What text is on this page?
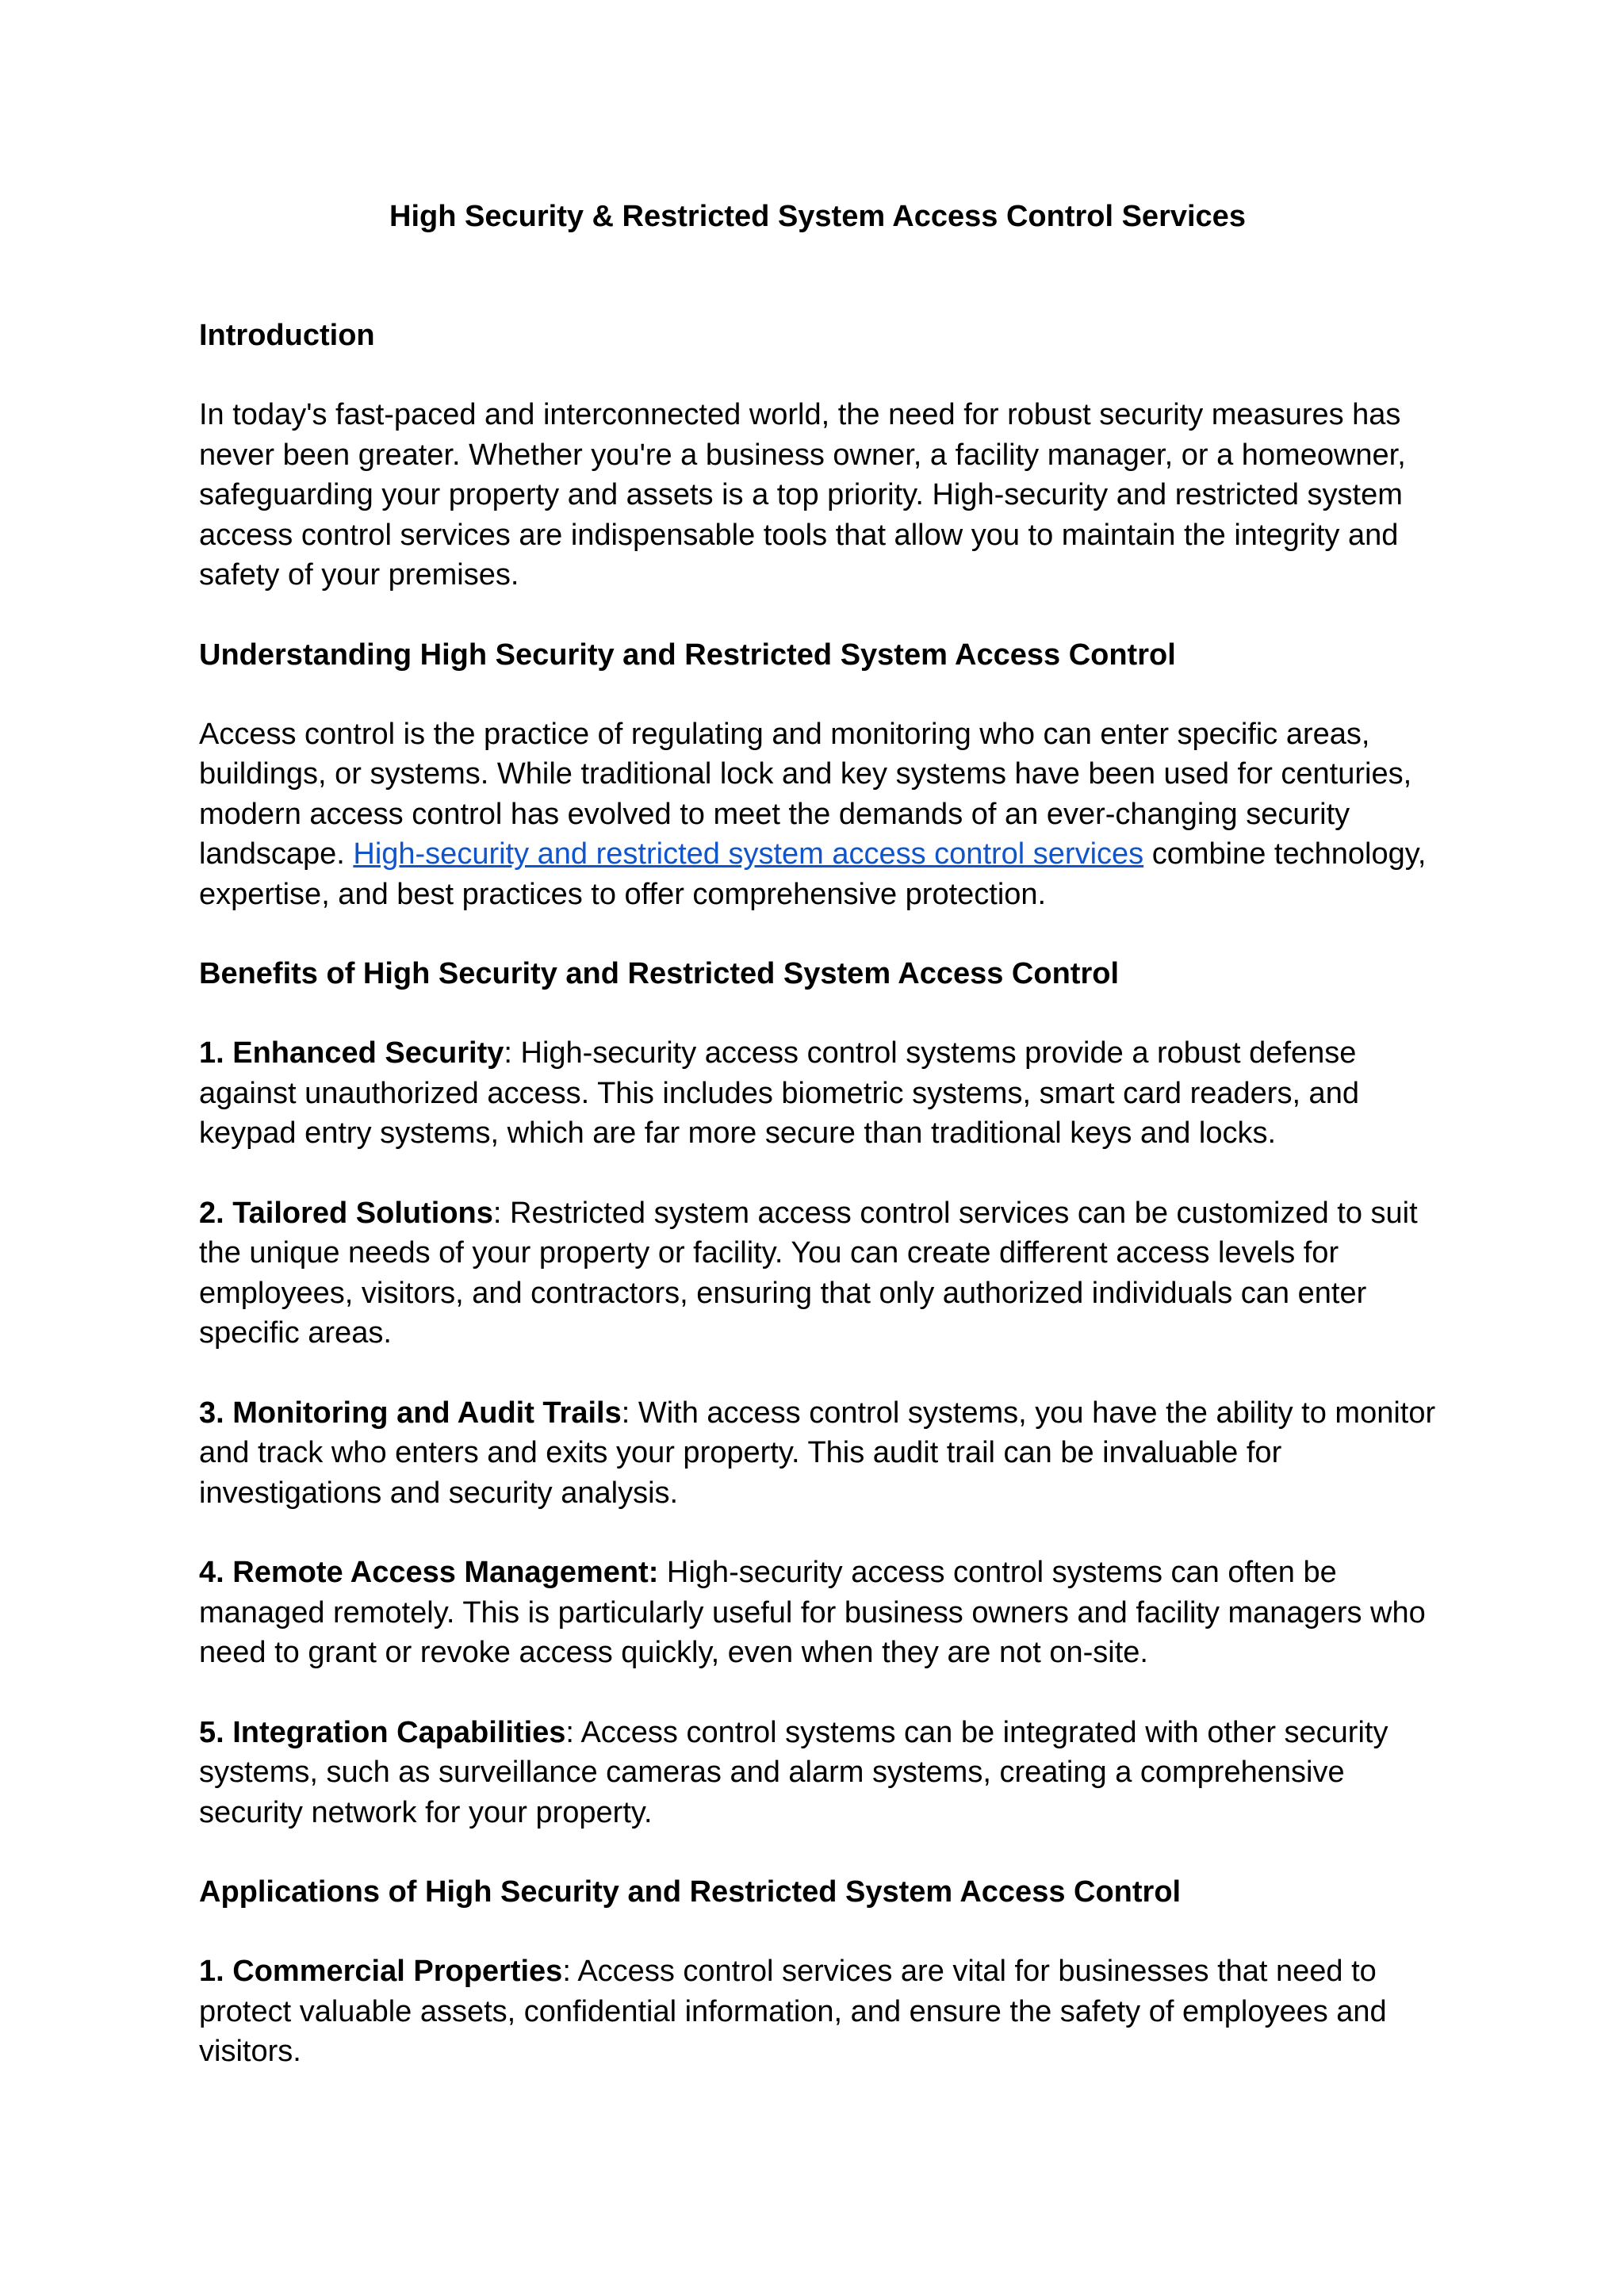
High Security & Restricted System Access Control Services

Introduction

In today's fast-paced and interconnected world, the need for robust security measures has never been greater. Whether you're a business owner, a facility manager, or a homeowner, safeguarding your property and assets is a top priority. High-security and restricted system access control services are indispensable tools that allow you to maintain the integrity and safety of your premises.

Understanding High Security and Restricted System Access Control

Access control is the practice of regulating and monitoring who can enter specific areas, buildings, or systems. While traditional lock and key systems have been used for centuries, modern access control has evolved to meet the demands of an ever-changing security landscape. High-security and restricted system access control services combine technology, expertise, and best practices to offer comprehensive protection.

Benefits of High Security and Restricted System Access Control

1. Enhanced Security: High-security access control systems provide a robust defense against unauthorized access. This includes biometric systems, smart card readers, and keypad entry systems, which are far more secure than traditional keys and locks.

2. Tailored Solutions: Restricted system access control services can be customized to suit the unique needs of your property or facility. You can create different access levels for employees, visitors, and contractors, ensuring that only authorized individuals can enter specific areas.

3. Monitoring and Audit Trails: With access control systems, you have the ability to monitor and track who enters and exits your property. This audit trail can be invaluable for investigations and security analysis.

4. Remote Access Management: High-security access control systems can often be managed remotely. This is particularly useful for business owners and facility managers who need to grant or revoke access quickly, even when they are not on-site.

5. Integration Capabilities: Access control systems can be integrated with other security systems, such as surveillance cameras and alarm systems, creating a comprehensive security network for your property.

Applications of High Security and Restricted System Access Control

1. Commercial Properties: Access control services are vital for businesses that need to protect valuable assets, confidential information, and ensure the safety of employees and visitors.
